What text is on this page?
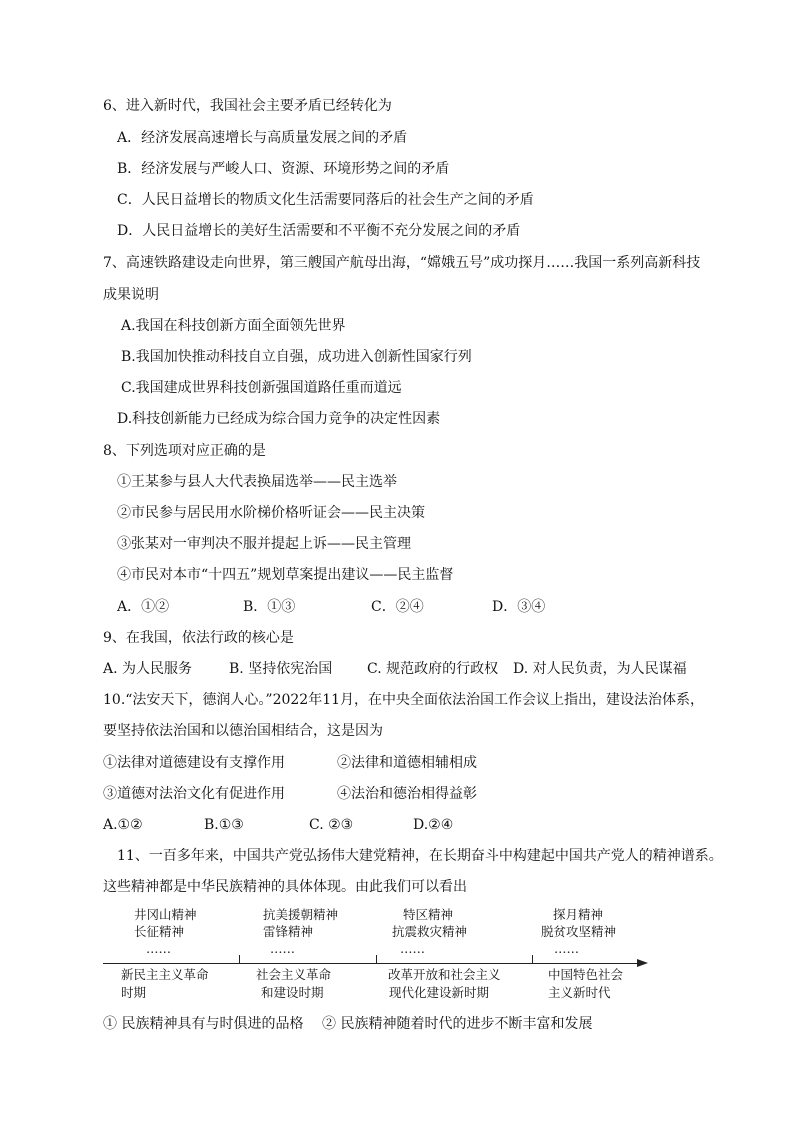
6、进入新时代，我国社会主要矛盾已经转化为
A．经济发展高速增长与高质量发展之间的矛盾
B．经济发展与严峻人口、资源、环境形势之间的矛盾
C．人民日益增长的物质文化生活需要同落后的社会生产之间的矛盾
D．人民日益增长的美好生活需要和不平衡不充分发展之间的矛盾
7、高速铁路建设走向世界，第三艘国产航母出海，“嫦娥五号”成功探月……我国一系列高新科技
成果说明
A.我国在科技创新方面全面领先世界
B.我国加快推动科技自立自强，成功进入创新性国家行列
C.我国建成世界科技创新强国道路任重而道远
D.科技创新能力已经成为综合国力竞争的决定性因素
8、下列选项对应正确的是
①王某参与县人大代表换届选举——民主选举
②市民参与居民用水阶梯价格听证会——民主决策
③张某对一审判决不服并提起上诉——民主管理
④市民对本市“十四五”规划草案提出建议——民主监督
A．①②	B．①③	C．②④	D．③④
9、在我国，依法行政的核心是
A. 为人民服务	B. 坚持依宪治国 C. 规范政府的行政权 D. 对人民负责，为人民谋福
10.“法安天下，德润人心。”2022年11月，在中央全面依法治国工作会议上指出，建设法治体系，
要坚持依法治国和以德治国相结合，这是因为
①法律对道德建设有支撑作用	②法律和道德相辅相成
③道德对法治文化有促进作用	④法治和德治相得益彰
A.①②	B.①③	C. ②③	D.②④
11、一百多年来，中国共产党弘扬伟大建党精神，在长期奋斗中构建起中国共产党人的精神谱系。
这些精神都是中华民族精神的具体体现。由此我们可以看出
井冈山精神
长征精神
……
新民主主义革命
时期
抗美援朝精神
雷锋精神
……
社会主义革命
和建设时期
特区精神
抗震救灾精神
……
改革开放和社会主义
现代化建设新时期
探月精神
脱贫攻坚精神
……
中国特色社会
主义新时代
① 民族精神具有与时俱进的品格 ② 民族精神随着时代的进步不断丰富和发展
